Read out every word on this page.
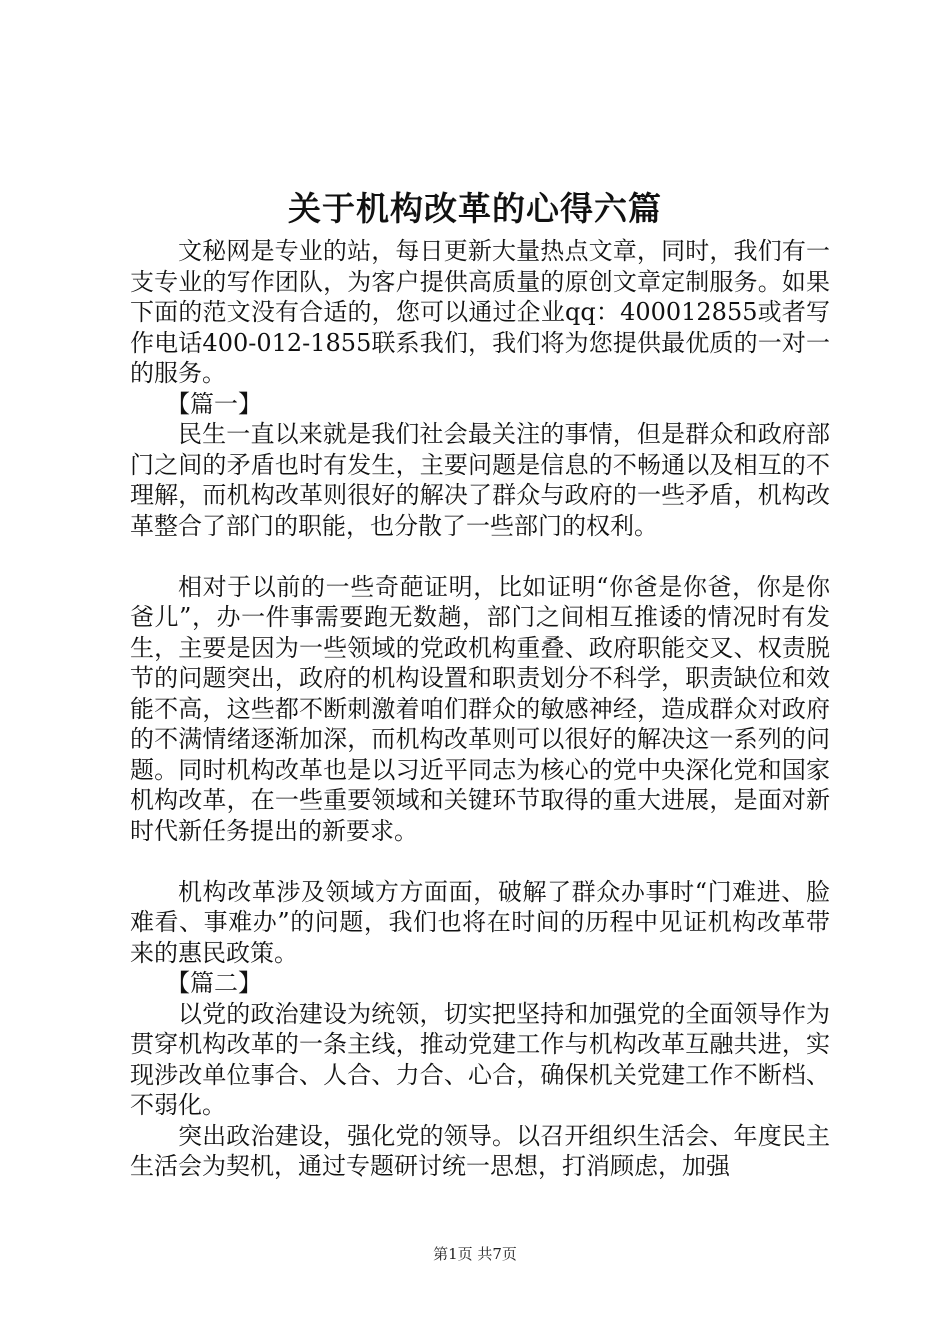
关于机构改革的心得六篇

文秘网是专业的站，每日更新大量热点文章，同时，我们有一支专业的写作团队，为客户提供高质量的原创文章定制服务。如果下面的范文没有合适的，您可以通过企业qq：400012855或者写作电话400-012-1855联系我们，我们将为您提供最优质的一对一的服务。

【篇一】

民生一直以来就是我们社会最关注的事情，但是群众和政府部门之间的矛盾也时有发生，主要问题是信息的不畅通以及相互的不理解，而机构改革则很好的解决了群众与政府的一些矛盾，机构改革整合了部门的职能，也分散了一些部门的权利。

相对于以前的一些奇葩证明，比如证明“你爸是你爸，你是你爸儿”，办一件事需要跑无数趟，部门之间相互推诿的情况时有发生，主要是因为一些领域的党政机构重叠、政府职能交叉、权责脱节的问题突出，政府的机构设置和职责划分不科学，职责缺位和效能不高，这些都不断刺激着咱们群众的敏感神经，造成群众对政府的不满情绪逐渐加深，而机构改革则可以很好的解决这一系列的问题。同时机构改革也是以习近平同志为核心的党中央深化党和国家机构改革，在一些重要领域和关键环节取得的重大进展，是面对新时代新任务提出的新要求。

机构改革涉及领域方方面面，破解了群众办事时“门难进、脸难看、事难办”的问题，我们也将在时间的历程中见证机构改革带来的惠民政策。

【篇二】

以党的政治建设为统领，切实把坚持和加强党的全面领导作为贯穿机构改革的一条主线，推动党建工作与机构改革互融共进，实现涉改单位事合、人合、力合、心合，确保机关党建工作不断档、不弱化。

突出政治建设，强化党的领导。以召开组织生活会、年度民主生活会为契机，通过专题研讨统一思想，打消顾虑，加强

第1页 共7页
